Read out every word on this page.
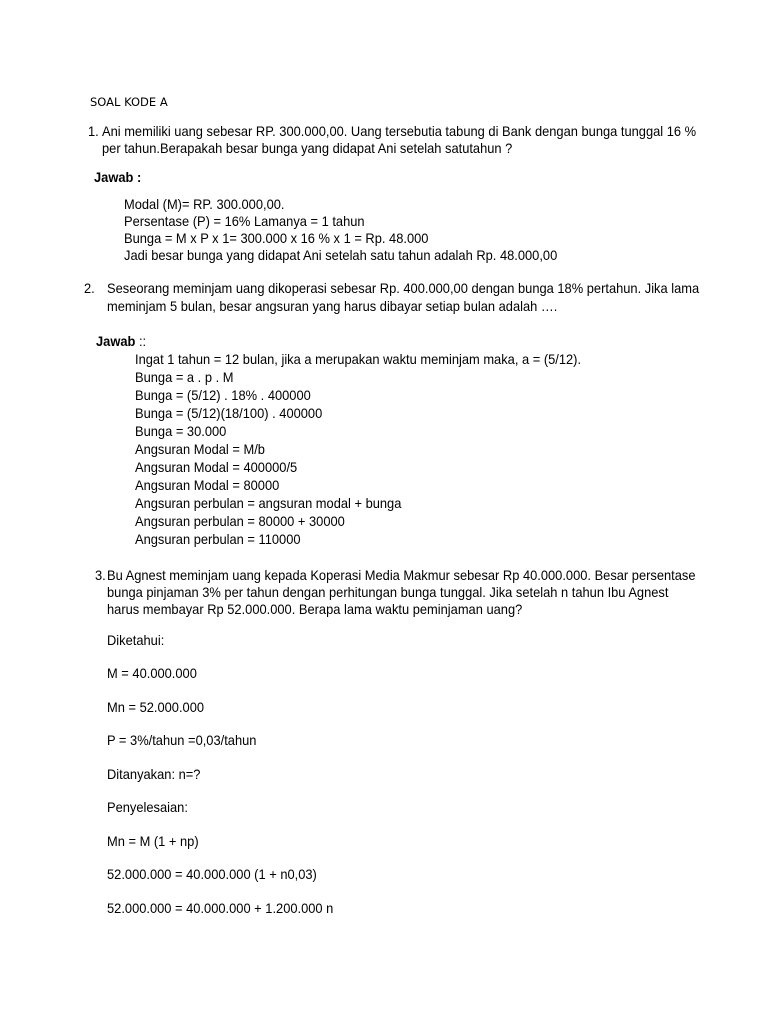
SOAL KODE A
1. Ani memiliki uang sebesar RP. 300.000,00. Uang tersebutia tabung di Bank dengan bunga tunggal 16 %
per tahun.Berapakah besar bunga yang didapat Ani setelah satutahun ?
Jawab :
Modal (M)= RP. 300.000,00.
Persentase (P) = 16% Lamanya = 1 tahun
Bunga = M x P x 1= 300.000 x 16 % x 1 = Rp. 48.000
Jadi besar bunga yang didapat Ani setelah satu tahun adalah Rp. 48.000,00
2. Seseorang meminjam uang dikoperasi sebesar Rp. 400.000,00 dengan bunga 18% pertahun. Jika lama
meminjam 5 bulan, besar angsuran yang harus dibayar setiap bulan adalah ….
Jawab ::
Ingat 1 tahun = 12 bulan, jika a merupakan waktu meminjam maka, a = (5/12).
Bunga = a . p . M
Bunga = (5/12) . 18% . 400000
Bunga = (5/12)(18/100) . 400000
Bunga = 30.000
Angsuran Modal = M/b
Angsuran Modal = 400000/5
Angsuran Modal = 80000
Angsuran perbulan = angsuran modal + bunga
Angsuran perbulan = 80000 + 30000
Angsuran perbulan = 110000
3. Bu Agnest meminjam uang kepada Koperasi Media Makmur sebesar Rp 40.000.000. Besar persentase
bunga pinjaman 3% per tahun dengan perhitungan bunga tunggal. Jika setelah n tahun Ibu Agnest
harus membayar Rp 52.000.000. Berapa lama waktu peminjaman uang?
Diketahui:
M = 40.000.000
Mn = 52.000.000
P = 3%/tahun =0,03/tahun
Ditanyakan: n=?
Penyelesaian:
Mn = M (1 + np)
52.000.000 = 40.000.000 (1 + n0,03)
52.000.000 = 40.000.000 + 1.200.000 n
